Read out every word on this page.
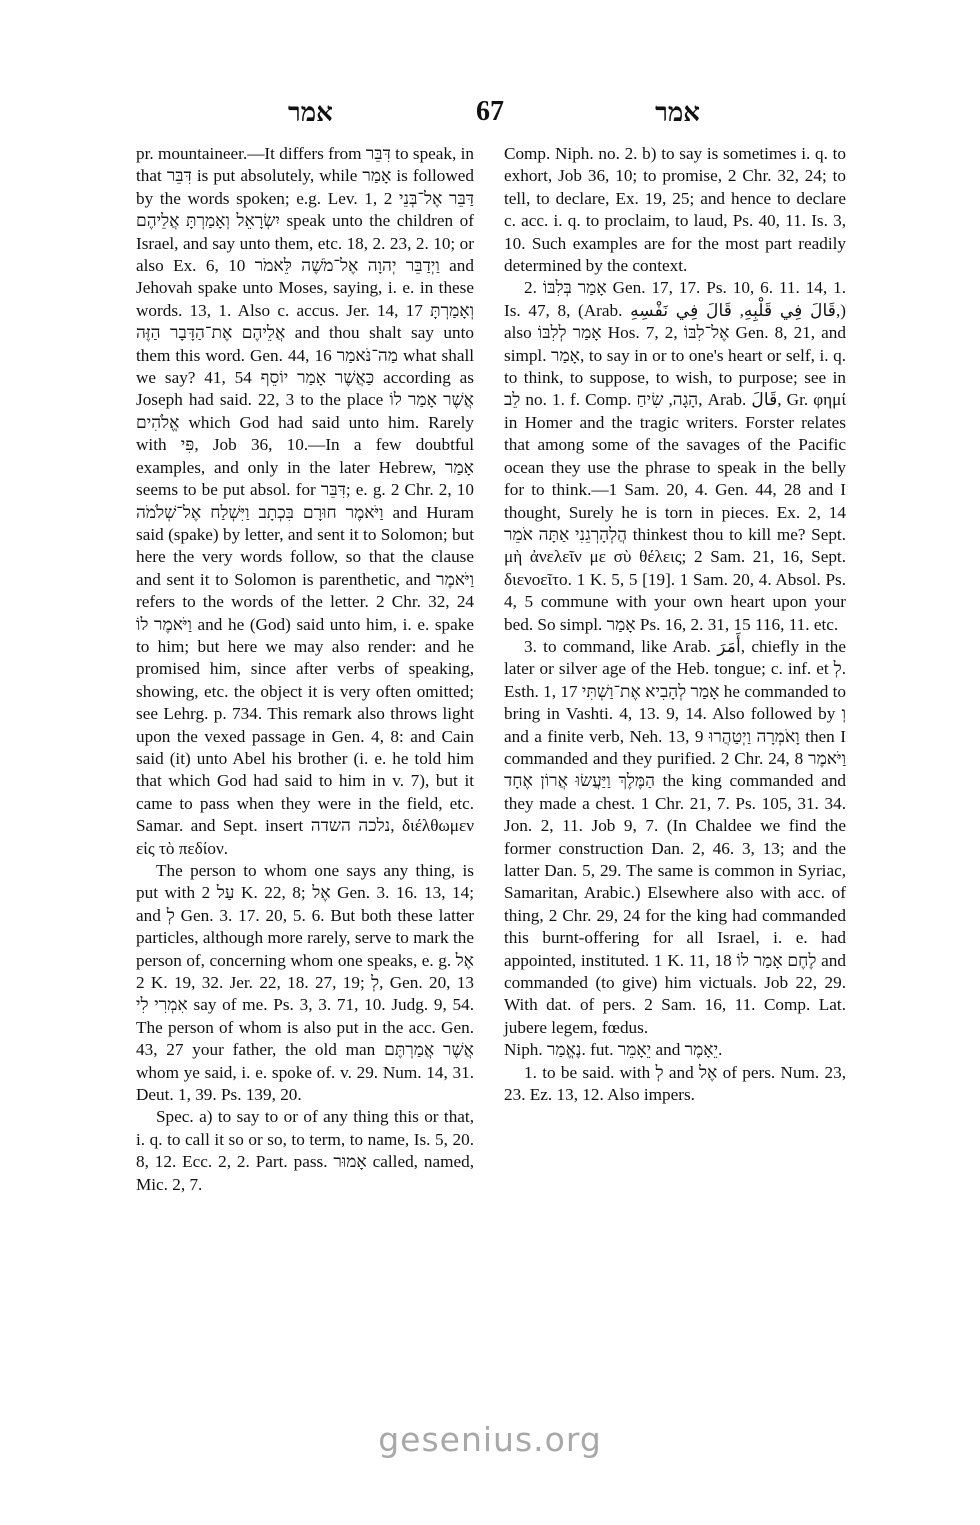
אמר	67	אמר

pr. mountaineer.—It differs from דִּבֵּר to speak, in that דִּבֵּר is put absolutely, while אָמַר is followed by the words spoken; e.g. Lev. 1, 2 דַּבֵּר אֶל־בְּנֵי יִשְׂרָאֵל וְאָמַרְתָּ אֲלֵיהֶם speak unto the children of Israel, and say unto them, etc. 18, 2. 23, 2. 10; or also Ex. 6, 10 וַיְדַבֵּר יְהוָה אֶל־מֹשֶׁה לֵּאמֹר and Jehovah spake unto Moses, saying, i. e. in these words. 13, 1. Also c. accus. Jer. 14, 17 וְאָמַרְתָּ אֲלֵיהֶם אֶת־הַדָּבָר הַזֶּה and thou shalt say unto them this word. Gen. 44, 16 מַה־נֹּאמַר what shall we say? 41, 54 כַּאֲשֶׁר אָמַר יוֹסֵף according as Joseph had said. 22, 3 to the place אֲשֶׁר אָמַר לוֹ אֱלֹהִים which God had said unto him. Rarely with פִּי, Job 36, 10.—In a few doubtful examples, and only in the later Hebrew, אָמַר seems to be put absol. for דִּבֵּר; e. g. 2 Chr. 2, 10 וַיֹּאמֶר חוּרָם בִּכְתָב וַיִּשְׁלַח אֶל־שְׁלֹמֹה and Huram said (spake) by letter, and sent it to Solomon; but here the very words follow, so that the clause and sent it to Solomon is parenthetic, and וַיֹּאמֶר refers to the words of the letter. 2 Chr. 32, 24 וַיֹּאמֶר לוֹ and he (God) said unto him, i. e. spake to him; but here we may also render: and he promised him, since after verbs of speaking, showing, etc. the object it is very often omitted; see Lehrg. p. 734. This remark also throws light upon the vexed passage in Gen. 4, 8: and Cain said (it) unto Abel his brother (i. e. he told him that which God had said to him in v. 7), but it came to pass when they were in the field, etc. Samar. and Sept. insert נלכה השדה, διέλθωμεν εἰς τὸ πεδίον.

The person to whom one says any thing, is put with עַל 2 K. 22, 8; אֶל Gen. 3. 16. 13, 14; and לְ Gen. 3. 17. 20, 5. 6. But both these latter particles, although more rarely, serve to mark the person of, concerning whom one speaks, e. g. אֶל 2 K. 19, 32. Jer. 22, 18. 27, 19; לְ, Gen. 20, 13 אִמְרִי לִי say of me. Ps. 3, 3. 71, 10. Judg. 9, 54. The person of whom is also put in the acc. Gen. 43, 27 your father, the old man אֲשֶׁר אֲמַרְתֶּם whom ye said, i. e. spoke of. v. 29. Num. 14, 31. Deut. 1, 39. Ps. 139, 20.

Spec. a) to say to or of any thing this or that, i. q. to call it so or so, to term, to name, Is. 5, 20. 8, 12. Ecc. 2, 2. Part. pass. אָמוּר called, named, Mic. 2, 7.

Comp. Niph. no. 2. b) to say is sometimes i. q. to exhort, Job 36, 10; to promise, 2 Chr. 32, 24; to tell, to declare, Ex. 19, 25; and hence to declare c. acc. i. q. to proclaim, to laud, Ps. 40, 11. Is. 3, 10. Such examples are for the most part readily determined by the context.

2. אָמַר בְּלִבּוֹ Gen. 17, 17. Ps. 10, 6. 11. 14, 1. Is. 47, 8, (Arab. قَالَ فِي قَلْبِهِ, قَالَ فِي نَفْسِهِ,) also אָמַר לְלִבּוֹ Hos. 7, 2, אֶל־לִבּוֹ Gen. 8, 21, and simpl. אָמַר, to say in or to one's heart or self, i. q. to think, to suppose, to wish, to purpose; see in לֵב no. 1. f. Comp. הָגָה, שִׂיחַ, Arab. قَالَ, Gr. φημί in Homer and the tragic writers. Forster relates that among some of the savages of the Pacific ocean they use the phrase to speak in the belly for to think.—1 Sam. 20, 4. Gen. 44, 28 and I thought, Surely he is torn in pieces. Ex. 2, 14 הֲלְהָרְגֵנִי אַתָּה אֹמֵר thinkest thou to kill me? Sept. μὴ ἀνελεῖν με σὺ θέλεις; 2 Sam. 21, 16, Sept. διενοεῖτο. 1 K. 5, 5 [19]. 1 Sam. 20, 4. Absol. Ps. 4, 5 commune with your own heart upon your bed. So simpl. אָמַר Ps. 16, 2. 31, 15 116, 11. etc.

3. to command, like Arab. أَمَرَ, chiefly in the later or silver age of the Heb. tongue; c. inf. et לְ. Esth. 1, 17 אָמַר לְהָבִיא אֶת־וַשְׁתִּי he commanded to bring in Vashti. 4, 13. 9, 14. Also followed by וְ and a finite verb, Neh. 13, 9 וָאֹמְרָה וַיְטַהֲרוּ then I commanded and they purified. 2 Chr. 24, 8 וַיֹּאמֶר הַמֶּלֶךְ וַיַּעֲשׂוּ אֲרוֹן אֶחָד the king commanded and they made a chest. 1 Chr. 21, 7. Ps. 105, 31. 34. Jon. 2, 11. Job 9, 7. (In Chaldee we find the former construction Dan. 2, 46. 3, 13; and the latter Dan. 5, 29. The same is common in Syriac, Samaritan, Arabic.) Elsewhere also with acc. of thing, 2 Chr. 29, 24 for the king had commanded this burnt-offering for all Israel, i. e. had appointed, instituted. 1 K. 11, 18 לֶחֶם אָמַר לוֹ and commanded (to give) him victuals. Job 22, 29. With dat. of pers. 2 Sam. 16, 11. Comp. Lat. jubere legem, fœdus.

Niph. נֶאֱמַר. fut. יֵאָמֵר and יֵאָמֶר.

1. to be said. with לְ and אֶל of pers. Num. 23, 23. Ez. 13, 12. Also impers.

gesenius.org
